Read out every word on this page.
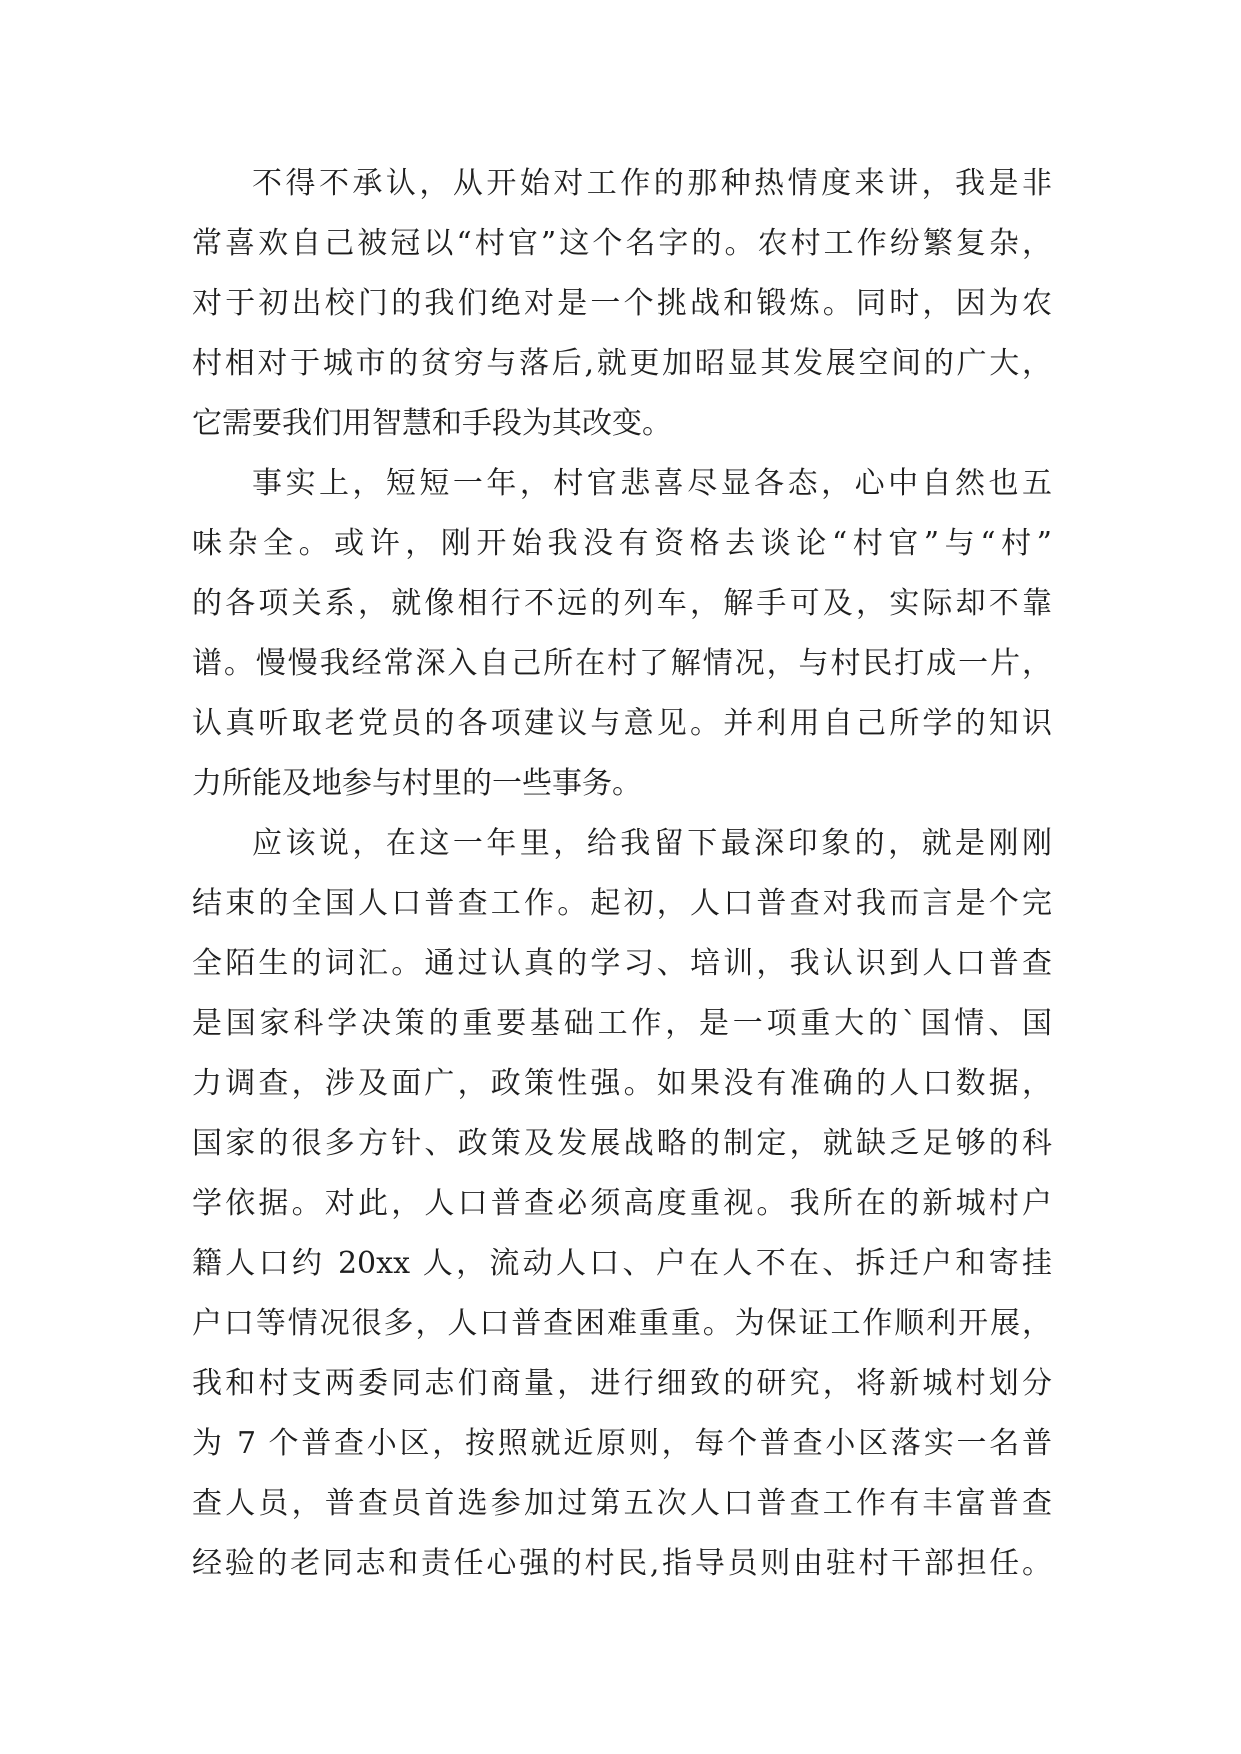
不得不承认，从开始对工作的那种热情度来讲，我是非
常喜欢自己被冠以“村官”这个名字的。农村工作纷繁复杂，
对于初出校门的我们绝对是一个挑战和锻炼。同时，因为农
村相对于城市的贫穷与落后,就更加昭显其发展空间的广大，
它需要我们用智慧和手段为其改变。
事实上，短短一年，村官悲喜尽显各态，心中自然也五
味杂全。或许，刚开始我没有资格去谈论“村官”与“村”
的各项关系，就像相行不远的列车，解手可及，实际却不靠
谱。慢慢我经常深入自己所在村了解情况，与村民打成一片，
认真听取老党员的各项建议与意见。并利用自己所学的知识
力所能及地参与村里的一些事务。
应该说，在这一年里，给我留下最深印象的，就是刚刚
结束的全国人口普查工作。起初，人口普查对我而言是个完
全陌生的词汇。通过认真的学习、培训，我认识到人口普查
是国家科学决策的重要基础工作，是一项重大的`国情、国
力调查，涉及面广，政策性强。如果没有准确的人口数据，
国家的很多方针、政策及发展战略的制定，就缺乏足够的科
学依据。对此，人口普查必须高度重视。我所在的新城村户
籍人口约 20xx 人，流动人口、户在人不在、拆迁户和寄挂
户口等情况很多，人口普查困难重重。为保证工作顺利开展，
我和村支两委同志们商量，进行细致的研究，将新城村划分
为 7 个普查小区，按照就近原则，每个普查小区落实一名普
查人员，普查员首选参加过第五次人口普查工作有丰富普查
经验的老同志和责任心强的村民,指导员则由驻村干部担任。
